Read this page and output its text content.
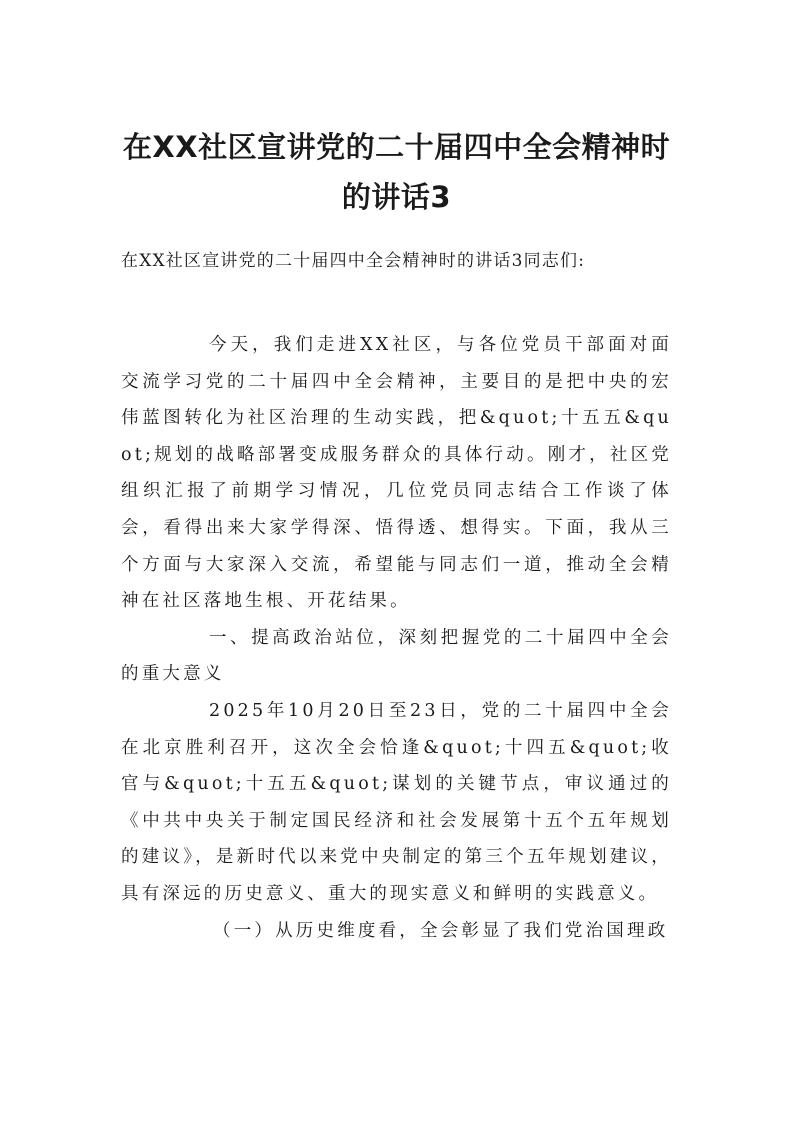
在XX社区宣讲党的二十届四中全会精神时的讲话3

在XX社区宣讲党的二十届四中全会精神时的讲话3同志们:

今天，我们走进XX社区，与各位党员干部面对面交流学习党的二十届四中全会精神，主要目的是把中央的宏伟蓝图转化为社区治理的生动实践，把&quot;十五五&quot;规划的战略部署变成服务群众的具体行动。刚才，社区党组织汇报了前期学习情况，几位党员同志结合工作谈了体会，看得出来大家学得深、悟得透、想得实。下面，我从三个方面与大家深入交流，希望能与同志们一道，推动全会精神在社区落地生根、开花结果。

一、提高政治站位，深刻把握党的二十届四中全会的重大意义

2025年10月20日至23日，党的二十届四中全会在北京胜利召开，这次全会恰逢&quot;十四五&quot;收官与&quot;十五五&quot;谋划的关键节点，审议通过的《中共中央关于制定国民经济和社会发展第十五个五年规划的建议》，是新时代以来党中央制定的第三个五年规划建议，具有深远的历史意义、重大的现实意义和鲜明的实践意义。

（一）从历史维度看，全会彰显了我们党治国理政
